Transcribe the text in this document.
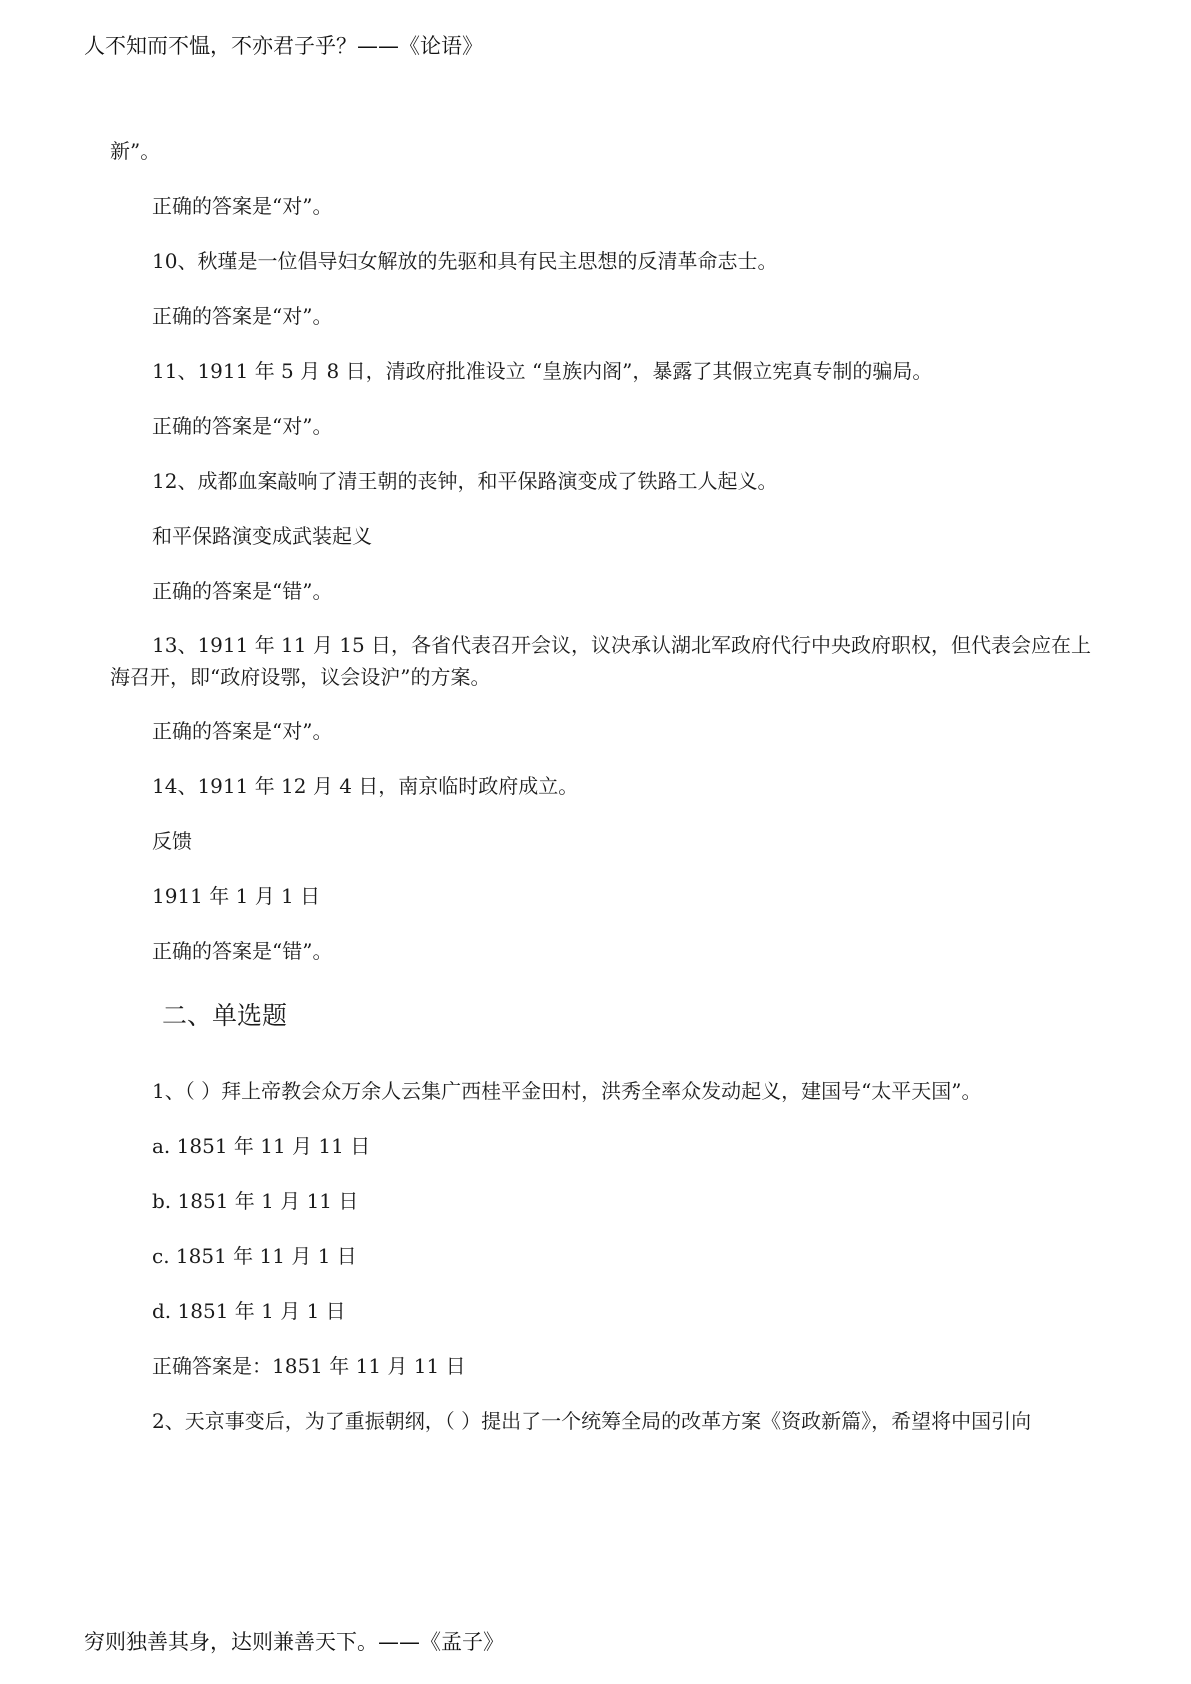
人不知而不愠，不亦君子乎？——《论语》
新”。
正确的答案是“对”。
10、秋瑾是一位倡导妇女解放的先驱和具有民主思想的反清革命志士。
正确的答案是“对”。
11、1911 年 5 月 8 日，清政府批准设立 “皇族内阁”，暴露了其假立宪真专制的骗局。
正确的答案是“对”。
12、成都血案敲响了清王朝的丧钟，和平保路演变成了铁路工人起义。
和平保路演变成武装起义
正确的答案是“错”。
13、1911 年 11 月 15 日，各省代表召开会议，议决承认湖北军政府代行中央政府职权，但代表会应在上海召开，即“政府设鄂，议会设沪”的方案。
正确的答案是“对”。
14、1911 年 12 月 4 日，南京临时政府成立。
反馈
1911 年 1 月 1 日
正确的答案是“错”。
二、单选题
1、（ ）拜上帝教会众万余人云集广西桂平金田村，洪秀全率众发动起义，建国号“太平天国”。
a. 1851 年 11 月 11 日
b. 1851 年 1 月 11 日
c. 1851 年 11 月 1 日
d. 1851 年 1 月 1 日
正确答案是：1851 年 11 月 11 日
2、天京事变后，为了重振朝纲，（ ）提出了一个统筹全局的改革方案《资政新篇》，希望将中国引向
穷则独善其身，达则兼善天下。——《孟子》
